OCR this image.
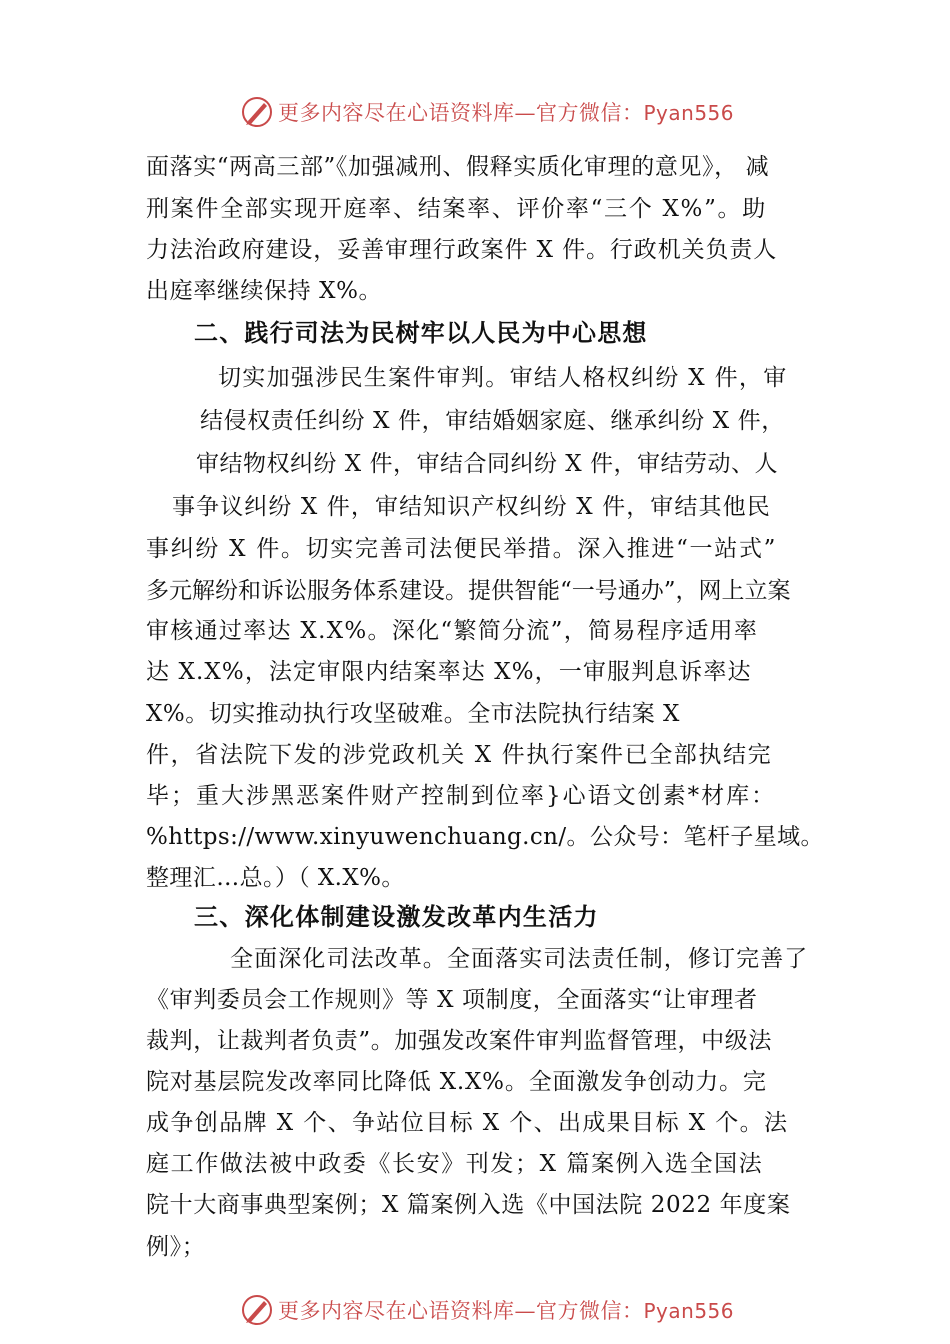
更多内容尽在心语资料库—官方微信：Pyan556
面落实“两高三部”《加强减刑、假释实质化审理的意见》， 减
刑案件全部实现开庭率、结案率、评价率“三个 X%”。助
力法治政府建设，妥善审理行政案件 X 件。行政机关负责人
出庭率继续保持 X%。
二、践行司法为民树牢以人民为中心思想
切实加强涉民生案件审判。审结人格权纠纷 X 件，审
结侵权责任纠纷 X 件，审结婚姻家庭、继承纠纷 X 件，
审结物权纠纷 X 件，审结合同纠纷 X 件，审结劳动、人
事争议纠纷 X 件，审结知识产权纠纷 X 件，审结其他民
事纠纷 X 件。切实完善司法便民举措。深入推进“一站式”
多元解纷和诉讼服务体系建设。提供智能“一号通办”，网上立案
审核通过率达 X.X%。深化“繁简分流”，简易程序适用率
达 X.X%，法定审限内结案率达 X%，一审服判息诉率达
X%。切实推动执行攻坚破难。全市法院执行结案 X
件，省法院下发的涉党政机关 X 件执行案件已全部执结完
毕；重大涉黑恶案件财产控制到位率}心语文创素*材库：
%https://www.xinyuwenchuang.cn/。公众号：笔杆子星域。
整理汇…总。）（ X.X%。
三、深化体制建设激发改革内生活力
全面深化司法改革。全面落实司法责任制，修订完善了
《审判委员会工作规则》等 X 项制度，全面落实“让审理者
裁判，让裁判者负责”。加强发改案件审判监督管理，中级法
院对基层院发改率同比降低 X.X%。全面激发争创动力。完
成争创品牌 X 个、争站位目标 X 个、出成果目标 X 个。法
庭工作做法被中政委《长安》刊发；X 篇案例入选全国法
院十大商事典型案例；X 篇案例入选《中国法院 2022 年度案
例》；
更多内容尽在心语资料库—官方微信：Pyan556
